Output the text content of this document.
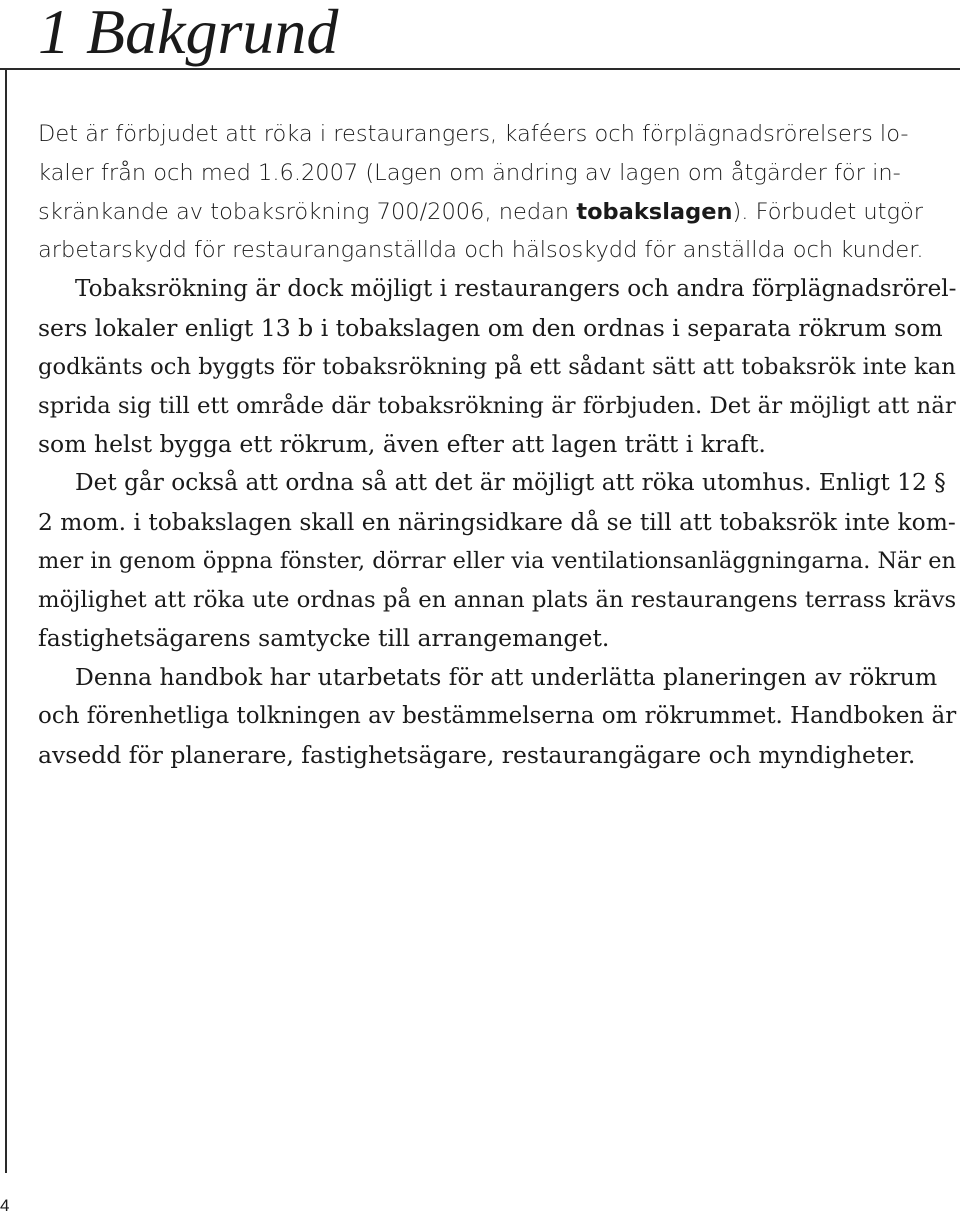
1 Bakgrund
Det är förbjudet att röka i restaurangers, kaféers och förplägnadsrörelsers lo-
kaler från och med 1.6.2007 (Lagen om ändring av lagen om åtgärder för in-
skränkande av tobaksrökning 700/2006, nedan tobakslagen). Förbudet utgör
arbetarskydd för restauranganställda och hälsoskydd för anställda och kunder.
Tobaksrökning är dock möjligt i restaurangers och andra förplägnadsrörel-
sers lokaler enligt 13 b i tobakslagen om den ordnas i separata rökrum som
godkänts och byggts för tobaksrökning på ett sådant sätt att tobaksrök inte kan
sprida sig till ett område där tobaksrökning är förbjuden. Det är möjligt att när
som helst bygga ett rökrum, även efter att lagen trätt i kraft.
Det går också att ordna så att det är möjligt att röka utomhus. Enligt 12 §
2 mom. i tobakslagen skall en näringsidkare då se till att tobaksrök inte kom-
mer in genom öppna fönster, dörrar eller via ventilationsanläggningarna. När en
möjlighet att röka ute ordnas på en annan plats än restaurangens terrass krävs
fastighetsägarens samtycke till arrangemanget.
Denna handbok har utarbetats för att underlätta planeringen av rökrum
och förenhetliga tolkningen av bestämmelserna om rökrummet. Handboken är
avsedd för planerare, fastighetsägare, restaurangägare och myndigheter.
4
